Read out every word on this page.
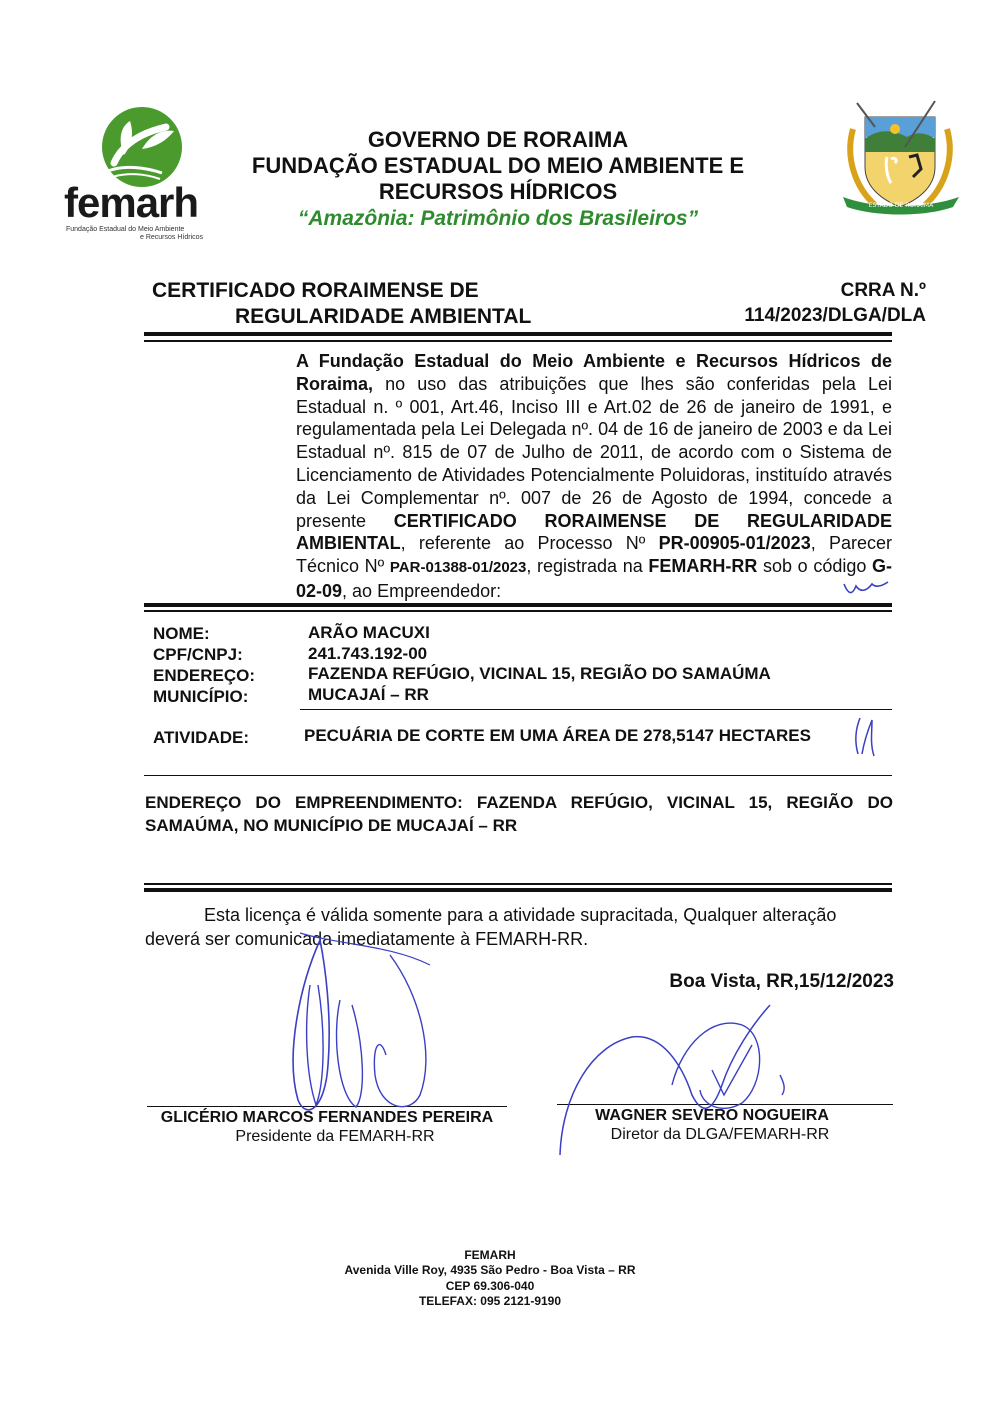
femarh
Fundação Estadual do Meio Ambiente
e Recursos Hídricos
GOVERNO DE RORAIMA
FUNDAÇÃO ESTADUAL DO MEIO AMBIENTE E
RECURSOS HÍDRICOS
“Amazônia: Patrimônio dos Brasileiros”
ESTADO DE RORAIMA
CERTIFICADO RORAIMENSE DE
REGULARIDADE AMBIENTAL
CRRA N.º
114/2023/DLGA/DLA
A Fundação Estadual do Meio Ambiente e Recursos Hídricos de Roraima, no uso das atribuições que lhes são conferidas pela Lei Estadual n. º 001, Art.46, Inciso III e Art.02 de 26 de janeiro de 1991, e regulamentada pela Lei Delegada nº. 04 de 16 de janeiro de 2003 e da Lei Estadual nº. 815 de 07 de Julho de 2011, de acordo com o Sistema de Licenciamento de Atividades Potencialmente Poluidoras, instituído através da Lei Complementar nº. 007 de 26 de Agosto de 1994, concede a presente CERTIFICADO RORAIMENSE DE REGULARIDADE AMBIENTAL, referente ao Processo Nº PR-00905-01/2023, Parecer Técnico Nº PAR-01388-01/2023, registrada na FEMARH-RR sob o código G-02-09, ao Empreendedor:
NOME:	ARÃO MACUXI
CPF/CNPJ:	241.743.192-00
ENDEREÇO:	FAZENDA REFÚGIO, VICINAL 15, REGIÃO DO SAMAÚMA
MUNICÍPIO:	MUCAJAÍ – RR
ATIVIDADE:	PECUÁRIA DE CORTE EM UMA ÁREA DE 278,5147 HECTARES
ENDEREÇO DO EMPREENDIMENTO: FAZENDA REFÚGIO, VICINAL 15, REGIÃO DO
SAMAÚMA, NO MUNICÍPIO DE MUCAJAÍ – RR
Esta licença é válida somente para a atividade supracitada, Qualquer alteração
deverá ser comunicada imediatamente à FEMARH-RR.
Boa Vista, RR,15/12/2023
GLICÉRIO MARCOS FERNANDES PEREIRA
Presidente da FEMARH-RR
WAGNER SEVERO NOGUEIRA
Diretor da DLGA/FEMARH-RR
FEMARH
Avenida Ville Roy, 4935 São Pedro - Boa Vista – RR
CEP 69.306-040
TELEFAX: 095 2121-9190
